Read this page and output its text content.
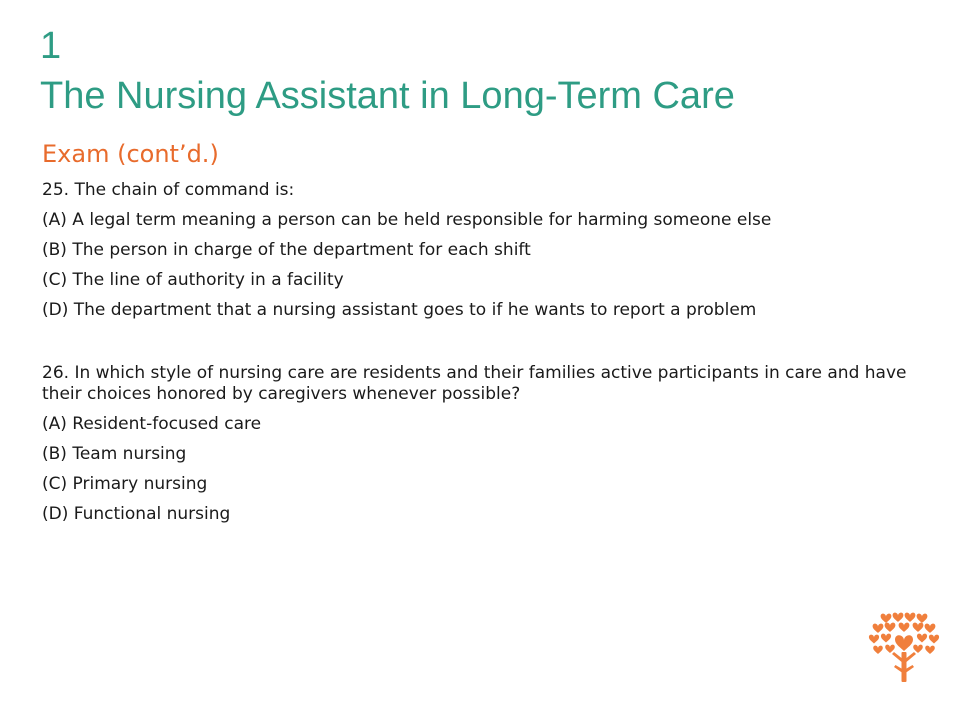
1
The Nursing Assistant in Long-Term Care
Exam (cont’d.)

25. The chain of command is:

(A) A legal term meaning a person can be held responsible for harming someone else

(B) The person in charge of the department for each shift

(C) The line of authority in a facility

(D) The department that a nursing assistant goes to if he wants to report a problem

26. In which style of nursing care are residents and their families active participants in care and have their choices honored by caregivers whenever possible?

(A) Resident-focused care

(B) Team nursing

(C) Primary nursing

(D) Functional nursing
